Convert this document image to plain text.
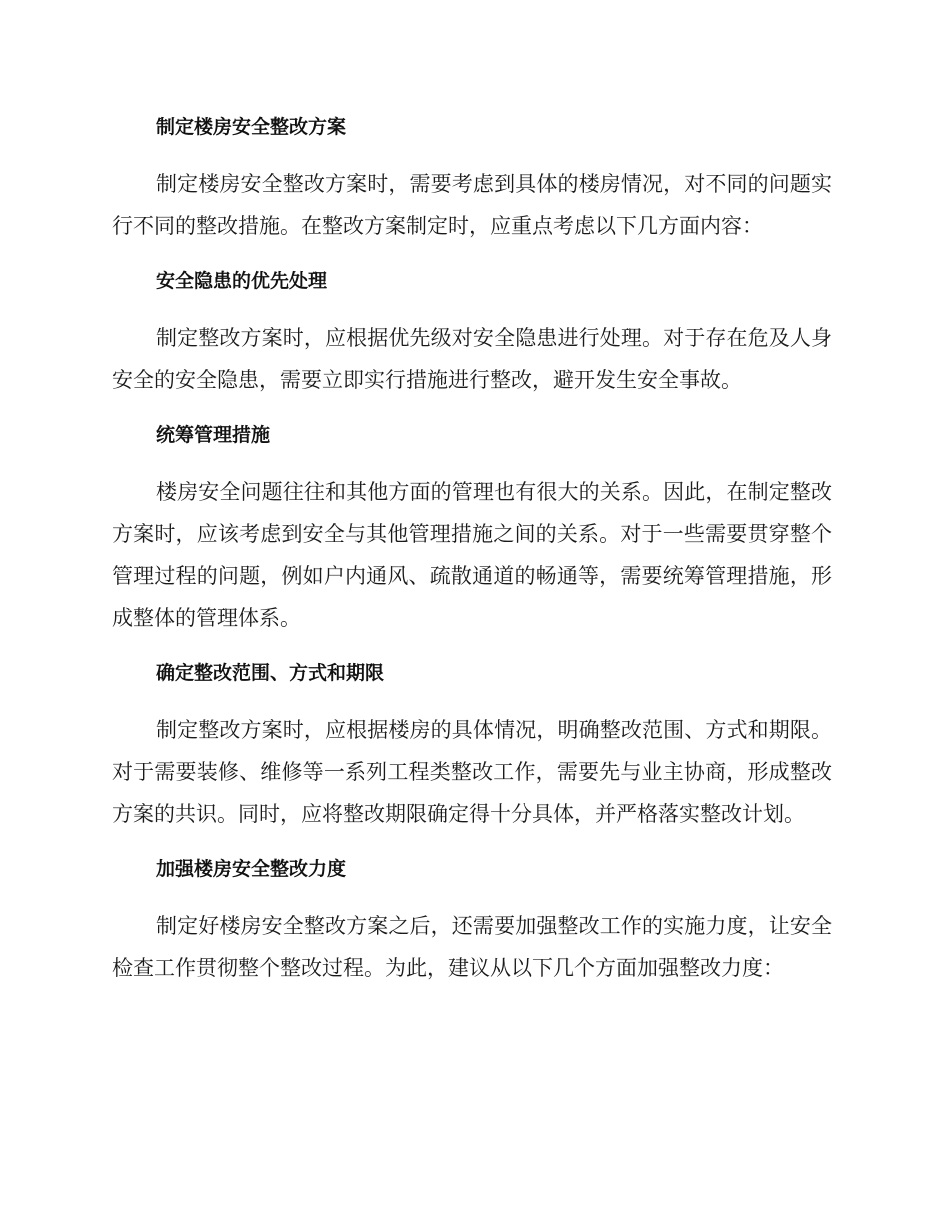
制定楼房安全整改方案

制定楼房安全整改方案时，需要考虑到具体的楼房情况，对不同的问题实行不同的整改措施。在整改方案制定时，应重点考虑以下几方面内容：

安全隐患的优先处理

制定整改方案时，应根据优先级对安全隐患进行处理。对于存在危及人身安全的安全隐患，需要立即实行措施进行整改，避开发生安全事故。

统筹管理措施

楼房安全问题往往和其他方面的管理也有很大的关系。因此，在制定整改方案时，应该考虑到安全与其他管理措施之间的关系。对于一些需要贯穿整个管理过程的问题，例如户内通风、疏散通道的畅通等，需要统筹管理措施，形成整体的管理体系。

确定整改范围、方式和期限

制定整改方案时，应根据楼房的具体情况，明确整改范围、方式和期限。对于需要装修、维修等一系列工程类整改工作，需要先与业主协商，形成整改方案的共识。同时，应将整改期限确定得十分具体，并严格落实整改计划。

加强楼房安全整改力度

制定好楼房安全整改方案之后，还需要加强整改工作的实施力度，让安全检查工作贯彻整个整改过程。为此，建议从以下几个方面加强整改力度：
